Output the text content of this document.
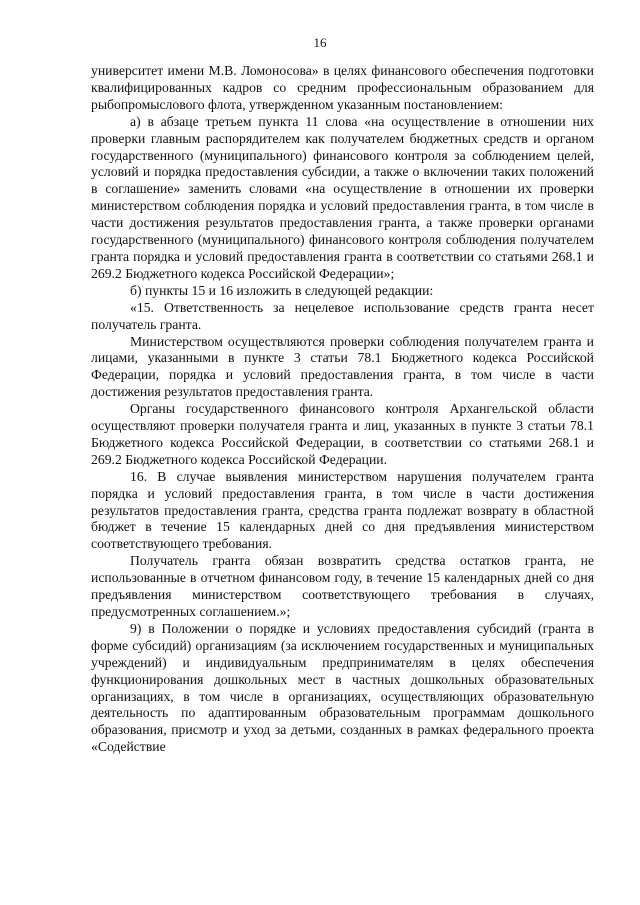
16

университет имени М.В. Ломоносова» в целях финансового обеспечения подготовки квалифицированных кадров со средним профессиональным образованием для рыбопромыслового флота, утвержденном указанным постановлением:

а) в абзаце третьем пункта 11 слова «на осуществление в отношении них проверки главным распорядителем как получателем бюджетных средств и органом государственного (муниципального) финансового контроля за соблюдением целей, условий и порядка предоставления субсидии, а также о включении таких положений в соглашение» заменить словами «на осуществление в отношении их проверки министерством соблюдения порядка и условий предоставления гранта, в том числе в части достижения результатов предоставления гранта, а также проверки органами государственного (муниципального) финансового контроля соблюдения получателем гранта порядка и условий предоставления гранта в соответствии со статьями 268.1 и 269.2 Бюджетного кодекса Российской Федерации»;

б) пункты 15 и 16 изложить в следующей редакции:

«15. Ответственность за нецелевое использование средств гранта несет получатель гранта.

Министерством осуществляются проверки соблюдения получателем гранта и лицами, указанными в пункте 3 статьи 78.1 Бюджетного кодекса Российской Федерации, порядка и условий предоставления гранта, в том числе в части достижения результатов предоставления гранта.

Органы государственного финансового контроля Архангельской области осуществляют проверки получателя гранта и лиц, указанных в пункте 3 статьи 78.1 Бюджетного кодекса Российской Федерации, в соответствии со статьями 268.1 и 269.2 Бюджетного кодекса Российской Федерации.

16. В случае выявления министерством нарушения получателем гранта порядка и условий предоставления гранта, в том числе в части достижения результатов предоставления гранта, средства гранта подлежат возврату в областной бюджет в течение 15 календарных дней со дня предъявления министерством соответствующего требования.

Получатель гранта обязан возвратить средства остатков гранта, не использованные в отчетном финансовом году, в течение 15 календарных дней со дня предъявления министерством соответствующего требования в случаях, предусмотренных соглашением.»;

9) в Положении о порядке и условиях предоставления субсидий (гранта в форме субсидий) организациям (за исключением государственных и муниципальных учреждений) и индивидуальным предпринимателям в целях обеспечения функционирования дошкольных мест в частных дошкольных образовательных организациях, в том числе в организациях, осуществляющих образовательную деятельность по адаптированным образовательным программам дошкольного образования, присмотр и уход за детьми, созданных в рамках федерального проекта «Содействие
